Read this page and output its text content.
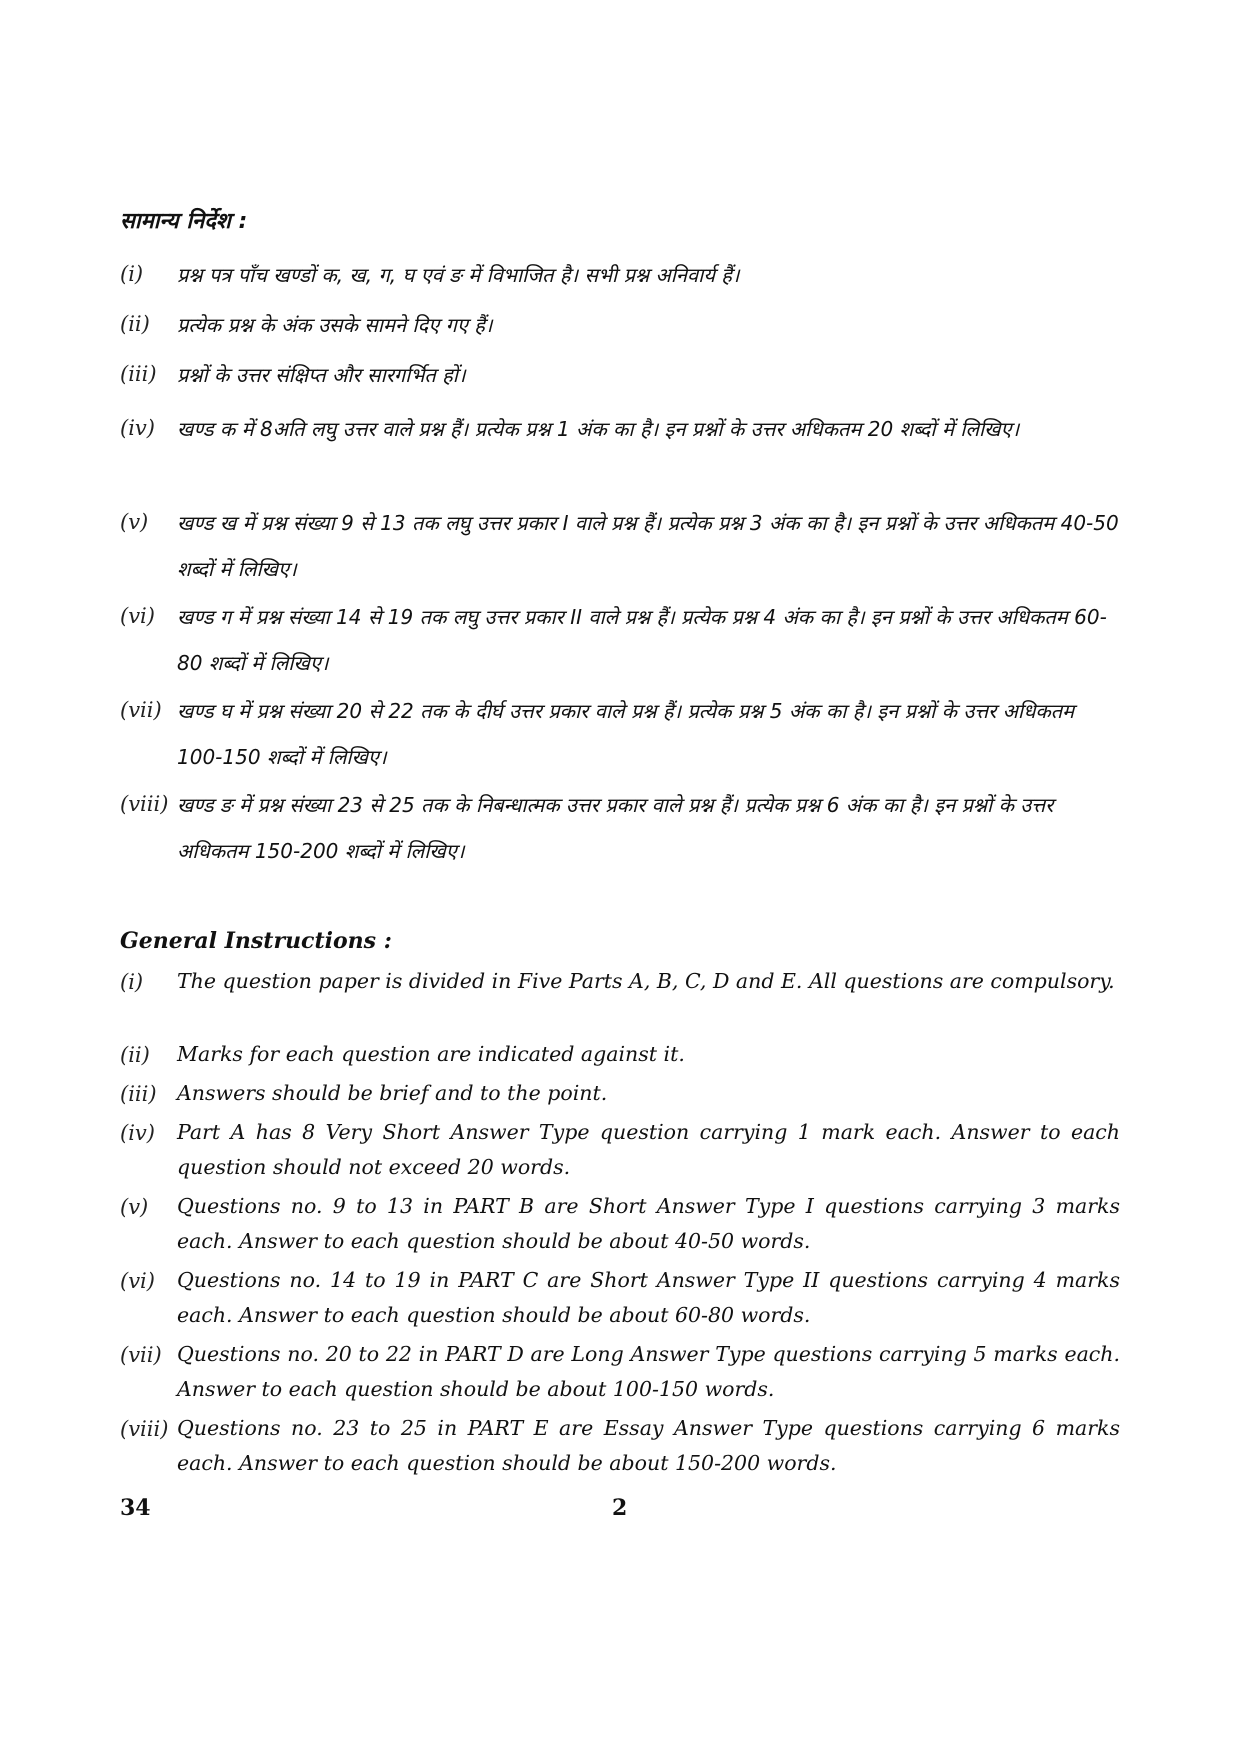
सामान्य निर्देश :
(i) प्रश्न पत्र पाँच खण्डों क, ख, ग, घ एवं ङ में विभाजित है। सभी प्रश्न अनिवार्य हैं।
(ii) प्रत्येक प्रश्न के अंक उसके सामने दिए गए हैं।
(iii) प्रश्नों के उत्तर संक्षिप्त और सारगर्भित हों।
(iv) खण्ड क में 8अति लघु उत्तर वाले प्रश्न हैं। प्रत्येक प्रश्न 1 अंक का है। इन प्रश्नों के उत्तर अधिकतम 20 शब्दों में लिखिए।
(v) खण्ड ख में प्रश्न संख्या 9 से 13 तक लघु उत्तर प्रकार I वाले प्रश्न हैं। प्रत्येक प्रश्न 3 अंक का है। इन प्रश्नों के उत्तर अधिकतम 40-50 शब्दों में लिखिए।
(vi) खण्ड ग में प्रश्न संख्या 14 से 19 तक लघु उत्तर प्रकार II वाले प्रश्न हैं। प्रत्येक प्रश्न 4 अंक का है। इन प्रश्नों के उत्तर अधिकतम 60-80 शब्दों में लिखिए।
(vii) खण्ड घ में प्रश्न संख्या 20 से 22 तक के दीर्घ उत्तर प्रकार वाले प्रश्न हैं। प्रत्येक प्रश्न 5 अंक का है। इन प्रश्नों के उत्तर अधिकतम 100-150 शब्दों में लिखिए।
(viii) खण्ड ङ में प्रश्न संख्या 23 से 25 तक के निबन्धात्मक उत्तर प्रकार वाले प्रश्न हैं। प्रत्येक प्रश्न 6 अंक का है। इन प्रश्नों के उत्तर अधिकतम 150-200 शब्दों में लिखिए।
General Instructions :
(i) The question paper is divided in Five Parts A, B, C, D and E. All questions are compulsory.
(ii) Marks for each question are indicated against it.
(iii) Answers should be brief and to the point.
(iv) Part A has 8 Very Short Answer Type question carrying 1 mark each. Answer to each question should not exceed 20 words.
(v) Questions no. 9 to 13 in PART B are Short Answer Type I questions carrying 3 marks each. Answer to each question should be about 40-50 words.
(vi) Questions no. 14 to 19 in PART C are Short Answer Type II questions carrying 4 marks each. Answer to each question should be about 60-80 words.
(vii) Questions no. 20 to 22 in PART D are Long Answer Type questions carrying 5 marks each. Answer to each question should be about 100-150 words.
(viii) Questions no. 23 to 25 in PART E are Essay Answer Type questions carrying 6 marks each. Answer to each question should be about 150-200 words.
34	2
